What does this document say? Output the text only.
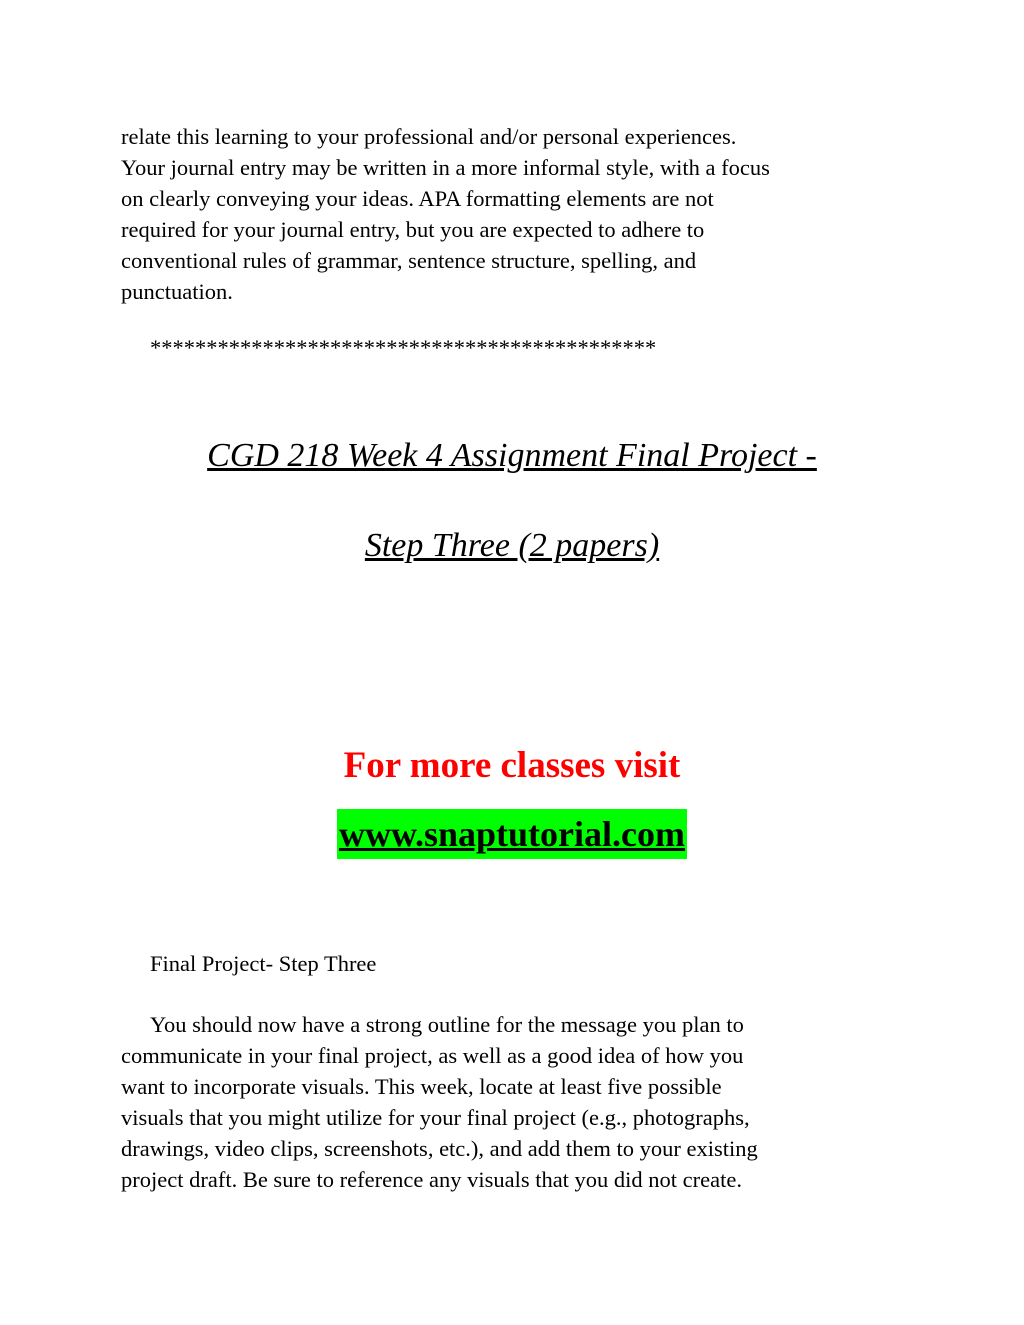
relate this learning to your professional and/or personal experiences.
Your journal entry may be written in a more informal style, with a focus
on clearly conveying your ideas. APA formatting elements are not
required for your journal entry, but you are expected to adhere to
conventional rules of grammar, sentence structure, spelling, and
punctuation.
*********************************************
CGD 218 Week 4 Assignment Final Project -
Step Three (2 papers)
For more classes visit
www.snaptutorial.com
Final Project- Step Three
You should now have a strong outline for the message you plan to
communicate in your final project, as well as a good idea of how you
want to incorporate visuals. This week, locate at least five possible
visuals that you might utilize for your final project (e.g., photographs,
drawings, video clips, screenshots, etc.), and add them to your existing
project draft. Be sure to reference any visuals that you did not create.
